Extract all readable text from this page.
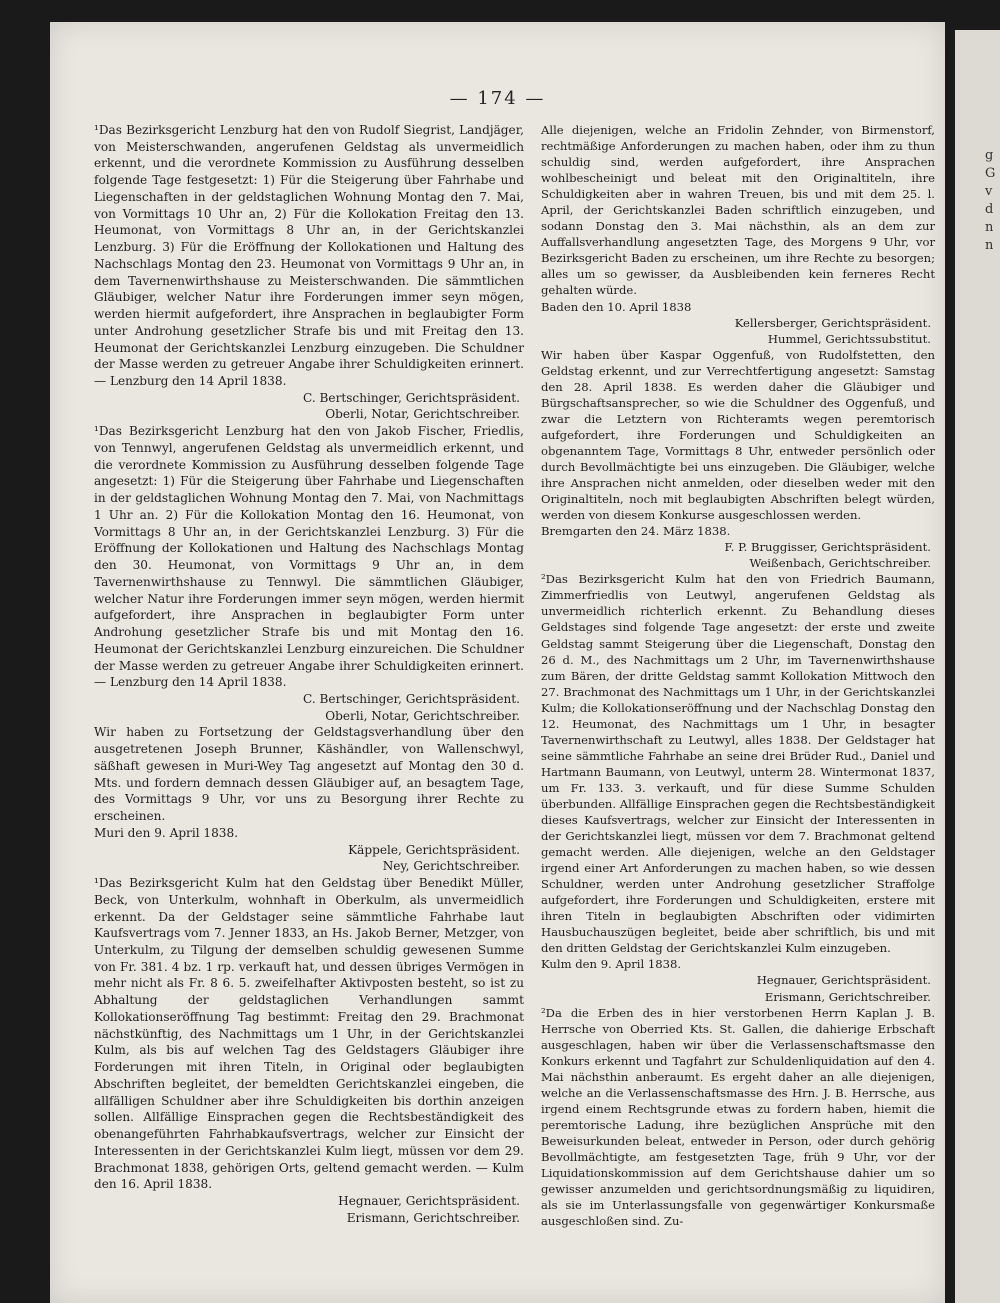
g
G
v
d
n
n
— 174 —

¹Das Bezirksgericht Lenzburg hat den von Rudolf Siegrist, Landjäger, von Meisterschwanden, angerufenen Geldstag als unvermeidlich erkennt, und die verordnete Kommission zu Ausführung desselben folgende Tage festgesetzt: 1) Für die Steigerung über Fahrhabe und Liegenschaften in der geldstaglichen Wohnung Montag den 7. Mai, von Vormittags 10 Uhr an, 2) Für die Kollokation Freitag den 13. Heumonat, von Vormittags 8 Uhr an, in der Gerichtskanzlei Lenzburg. 3) Für die Eröffnung der Kollokationen und Haltung des Nachschlags Montag den 23. Heumonat von Vormittags 9 Uhr an, in dem Tavernenwirthshause zu Meisterschwanden. Die sämmtlichen Gläubiger, welcher Natur ihre Forderungen immer seyn mögen, werden hiermit aufgefordert, ihre Ansprachen in beglaubigter Form unter Androhung gesetzlicher Strafe bis und mit Freitag den 13. Heumonat der Gerichtskanzlei Lenzburg einzugeben. Die Schuldner der Masse werden zu getreuer Angabe ihrer Schuldigkeiten erinnert. — Lenzburg den 14 April 1838.

C. Bertschinger, Gerichtspräsident.

Oberli, Notar, Gerichtschreiber.

¹Das Bezirksgericht Lenzburg hat den von Jakob Fischer, Friedlis, von Tennwyl, angerufenen Geldstag als unvermeidlich erkennt, und die verordnete Kommission zu Ausführung desselben folgende Tage angesetzt: 1) Für die Steigerung über Fahrhabe und Liegenschaften in der geldstaglichen Wohnung Montag den 7. Mai, von Nachmittags 1 Uhr an. 2) Für die Kollokation Montag den 16. Heumonat, von Vormittags 8 Uhr an, in der Gerichtskanzlei Lenzburg. 3) Für die Eröffnung der Kollokationen und Haltung des Nachschlags Montag den 30. Heumonat, von Vormittags 9 Uhr an, in dem Tavernenwirthshause zu Tennwyl. Die sämmtlichen Gläubiger, welcher Natur ihre Forderungen immer seyn mögen, werden hiermit aufgefordert, ihre Ansprachen in beglaubigter Form unter Androhung gesetzlicher Strafe bis und mit Montag den 16. Heumonat der Gerichtskanzlei Lenzburg einzureichen. Die Schuldner der Masse werden zu getreuer Angabe ihrer Schuldigkeiten erinnert. — Lenzburg den 14 April 1838.

C. Bertschinger, Gerichtspräsident.

Oberli, Notar, Gerichtschreiber.

Wir haben zu Fortsetzung der Geldstagsverhandlung über den ausgetretenen Joseph Brunner, Käshändler, von Wallenschwyl, säßhaft gewesen in Muri-Wey Tag angesetzt auf Montag den 30 d. Mts. und fordern demnach dessen Gläubiger auf, an besagtem Tage, des Vormittags 9 Uhr, vor uns zu Besorgung ihrer Rechte zu erscheinen.

Muri den 9. April 1838.

Käppele, Gerichtspräsident.

Ney, Gerichtschreiber.

¹Das Bezirksgericht Kulm hat den Geldstag über Benedikt Müller, Beck, von Unterkulm, wohnhaft in Oberkulm, als unvermeidlich erkennt. Da der Geldstager seine sämmtliche Fahrhabe laut Kaufsvertrags vom 7. Jenner 1833, an Hs. Jakob Berner, Metzger, von Unterkulm, zu Tilgung der demselben schuldig gewesenen Summe von Fr. 381. 4 bz. 1 rp. verkauft hat, und dessen übriges Vermögen in mehr nicht als Fr. 8 6. 5. zweifelhafter Aktivposten besteht, so ist zu Abhaltung der geldstaglichen Verhandlungen sammt Kollokationseröffnung Tag bestimmt: Freitag den 29. Brachmonat nächstkünftig, des Nachmittags um 1 Uhr, in der Gerichtskanzlei Kulm, als bis auf welchen Tag des Geldstagers Gläubiger ihre Forderungen mit ihren Titeln, in Original oder beglaubigten Abschriften begleitet, der bemeldten Gerichtskanzlei eingeben, die allfälligen Schuldner aber ihre Schuldigkeiten bis dorthin anzeigen sollen. Allfällige Einsprachen gegen die Rechtsbeständigkeit des obenangeführten Fahrhabkaufsvertrags, welcher zur Einsicht der Interessenten in der Gerichtskanzlei Kulm liegt, müssen vor dem 29. Brachmonat 1838, gehörigen Orts, geltend gemacht werden. — Kulm den 16. April 1838.

Hegnauer, Gerichtspräsident.

Erismann, Gerichtschreiber.

Alle diejenigen, welche an Fridolin Zehnder, von Birmenstorf, rechtmäßige Anforderungen zu machen haben, oder ihm zu thun schuldig sind, werden aufgefordert, ihre Ansprachen wohlbescheinigt und beleat mit den Originaltiteln, ihre Schuldigkeiten aber in wahren Treuen, bis und mit dem 25. l. April, der Gerichtskanzlei Baden schriftlich einzugeben, und sodann Donstag den 3. Mai nächsthin, als an dem zur Auffallsverhandlung angesetzten Tage, des Morgens 9 Uhr, vor Bezirksgericht Baden zu erscheinen, um ihre Rechte zu besorgen; alles um so gewisser, da Ausbleibenden kein ferneres Recht gehalten würde.

Baden den 10. April 1838

Kellersberger, Gerichtspräsident.

Hummel, Gerichtssubstitut.

Wir haben über Kaspar Oggenfuß, von Rudolfstetten, den Geldstag erkennt, und zur Verrechtfertigung angesetzt: Samstag den 28. April 1838. Es werden daher die Gläubiger und Bürgschaftsansprecher, so wie die Schuldner des Oggenfuß, und zwar die Letztern von Richteramts wegen peremtorisch aufgefordert, ihre Forderungen und Schuldigkeiten an obgenanntem Tage, Vormittags 8 Uhr, entweder persönlich oder durch Bevollmächtigte bei uns einzugeben. Die Gläubiger, welche ihre Ansprachen nicht anmelden, oder dieselben weder mit den Originaltiteln, noch mit beglaubigten Abschriften belegt würden, werden von diesem Konkurse ausgeschlossen werden.

Bremgarten den 24. März 1838.

F. P. Bruggisser, Gerichtspräsident.

Weißenbach, Gerichtschreiber.

²Das Bezirksgericht Kulm hat den von Friedrich Baumann, Zimmerfriedlis von Leutwyl, angerufenen Geldstag als unvermeidlich richterlich erkennt. Zu Behandlung dieses Geldstages sind folgende Tage angesetzt: der erste und zweite Geldstag sammt Steigerung über die Liegenschaft, Donstag den 26 d. M., des Nachmittags um 2 Uhr, im Tavernenwirthshause zum Bären, der dritte Geldstag sammt Kollokation Mittwoch den 27. Brachmonat des Nachmittags um 1 Uhr, in der Gerichtskanzlei Kulm; die Kollokationseröffnung und der Nachschlag Donstag den 12. Heumonat, des Nachmittags um 1 Uhr, in besagter Tavernenwirthschaft zu Leutwyl, alles 1838. Der Geldstager hat seine sämmtliche Fahrhabe an seine drei Brüder Rud., Daniel und Hartmann Baumann, von Leutwyl, unterm 28. Wintermonat 1837, um Fr. 133. 3. verkauft, und für diese Summe Schulden überbunden. Allfällige Einsprachen gegen die Rechtsbeständigkeit dieses Kaufsvertrags, welcher zur Einsicht der Interessenten in der Gerichtskanzlei liegt, müssen vor dem 7. Brachmonat geltend gemacht werden. Alle diejenigen, welche an den Geldstager irgend einer Art Anforderungen zu machen haben, so wie dessen Schuldner, werden unter Androhung gesetzlicher Straffolge aufgefordert, ihre Forderungen und Schuldigkeiten, erstere mit ihren Titeln in beglaubigten Abschriften oder vidimirten Hausbuchauszügen begleitet, beide aber schriftlich, bis und mit den dritten Geldstag der Gerichtskanzlei Kulm einzugeben.

Kulm den 9. April 1838.

Hegnauer, Gerichtspräsident.

Erismann, Gerichtschreiber.

²Da die Erben des in hier verstorbenen Herrn Kaplan J. B. Herrsche von Oberried Kts. St. Gallen, die dahierige Erbschaft ausgeschlagen, haben wir über die Verlassenschaftsmasse den Konkurs erkennt und Tagfahrt zur Schuldenliquidation auf den 4. Mai nächsthin anberaumt. Es ergeht daher an alle diejenigen, welche an die Verlassenschaftsmasse des Hrn. J. B. Herrsche, aus irgend einem Rechtsgrunde etwas zu fordern haben, hiemit die peremtorische Ladung, ihre bezüglichen Ansprüche mit den Beweisurkunden beleat, entweder in Person, oder durch gehörig Bevollmächtigte, am festgesetzten Tage, früh 9 Uhr, vor der Liquidationskommission auf dem Gerichtshause dahier um so gewisser anzumelden und gerichtsordnungsmäßig zu liquidiren, als sie im Unterlassungsfalle von gegenwärtiger Konkursmaße ausgeschloßen sind. Zu-
